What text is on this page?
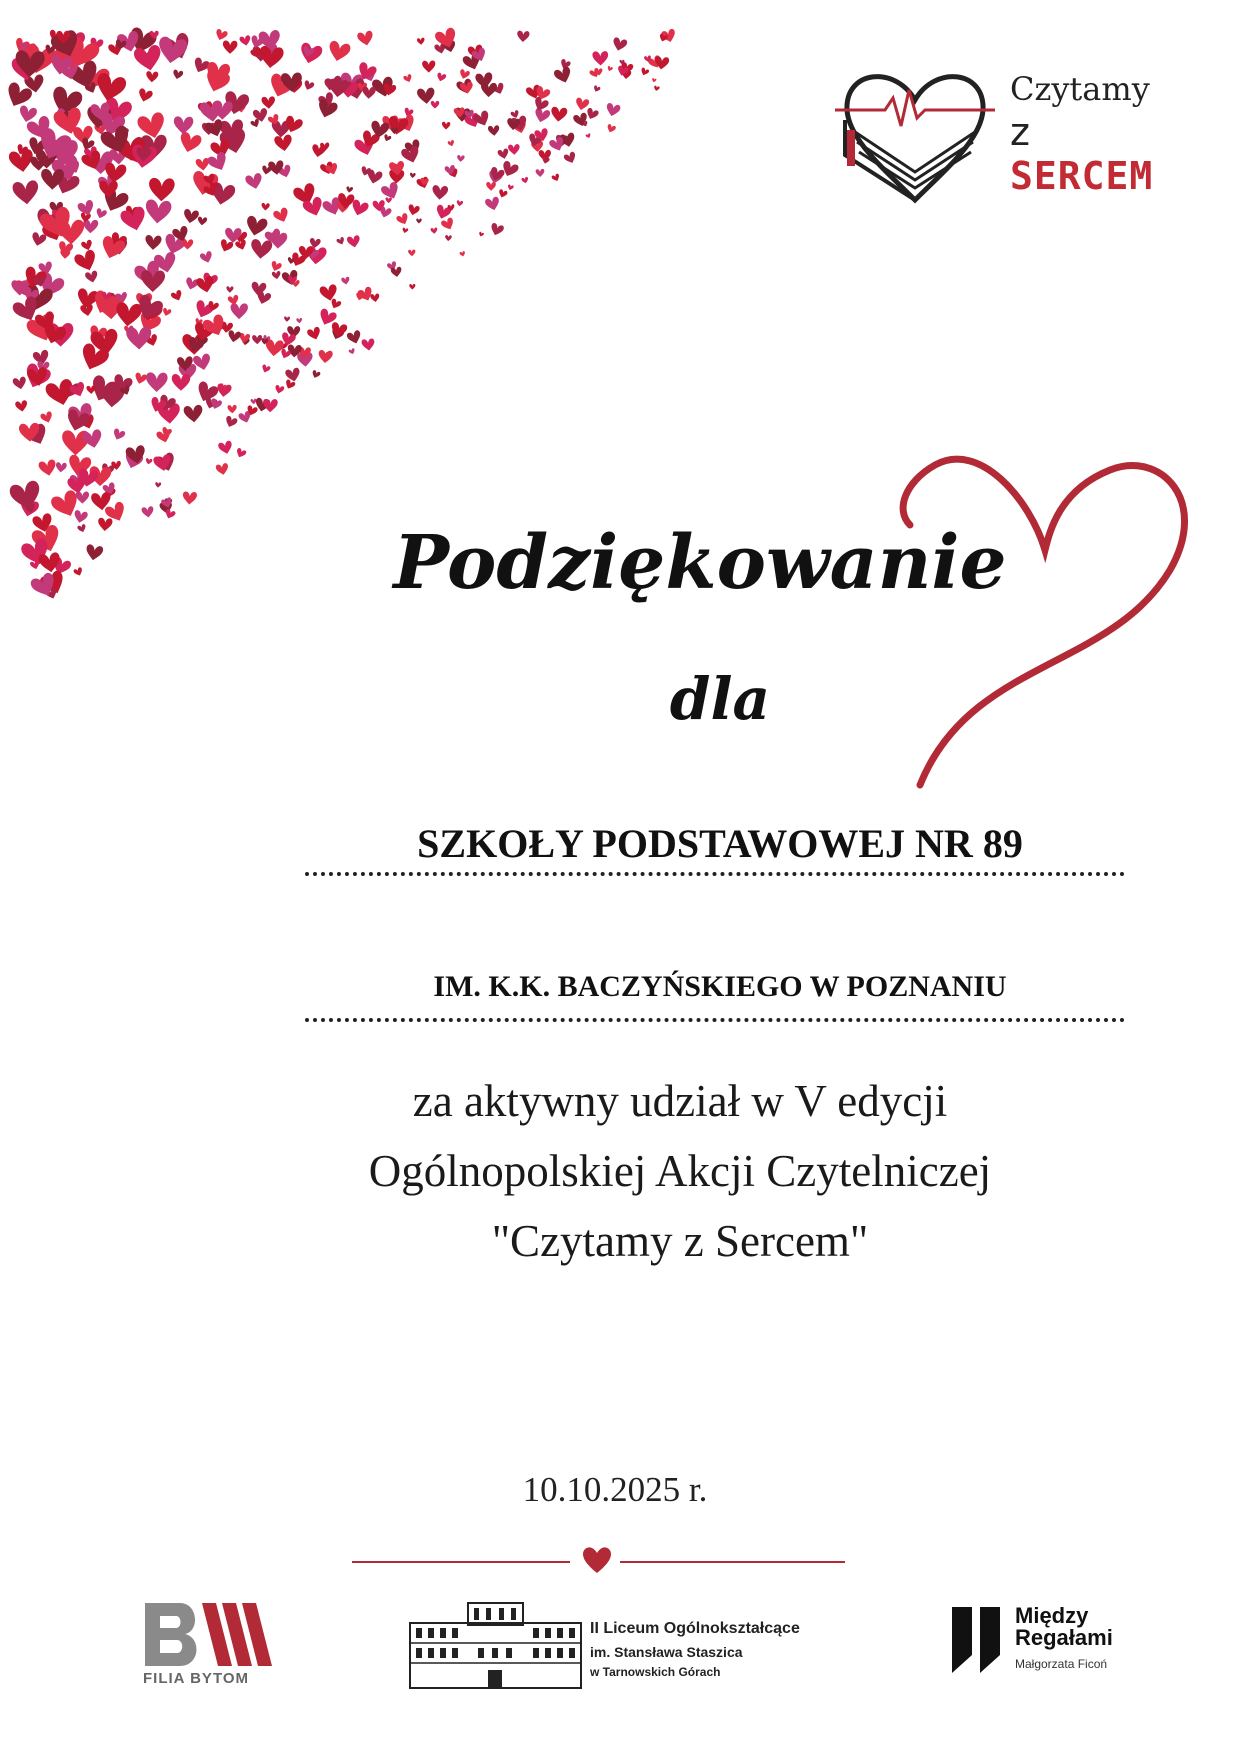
Czytamy
z SERCEM
Podziękowanie
dla
SZKOŁY PODSTAWOWEJ NR 89
IM. K.K. BACZYŃSKIEGO W POZNANIU
za aktywny udział w V edycji
Ogólnopolskiej Akcji Czytelniczej
"Czytamy z Sercem"
10.10.2025 r.
FILIA BYTOM
II Liceum Ogólnokształcące
im. Stansława Staszica
w Tarnowskich Górach
Między
Regałami
Małgorzata Ficoń
